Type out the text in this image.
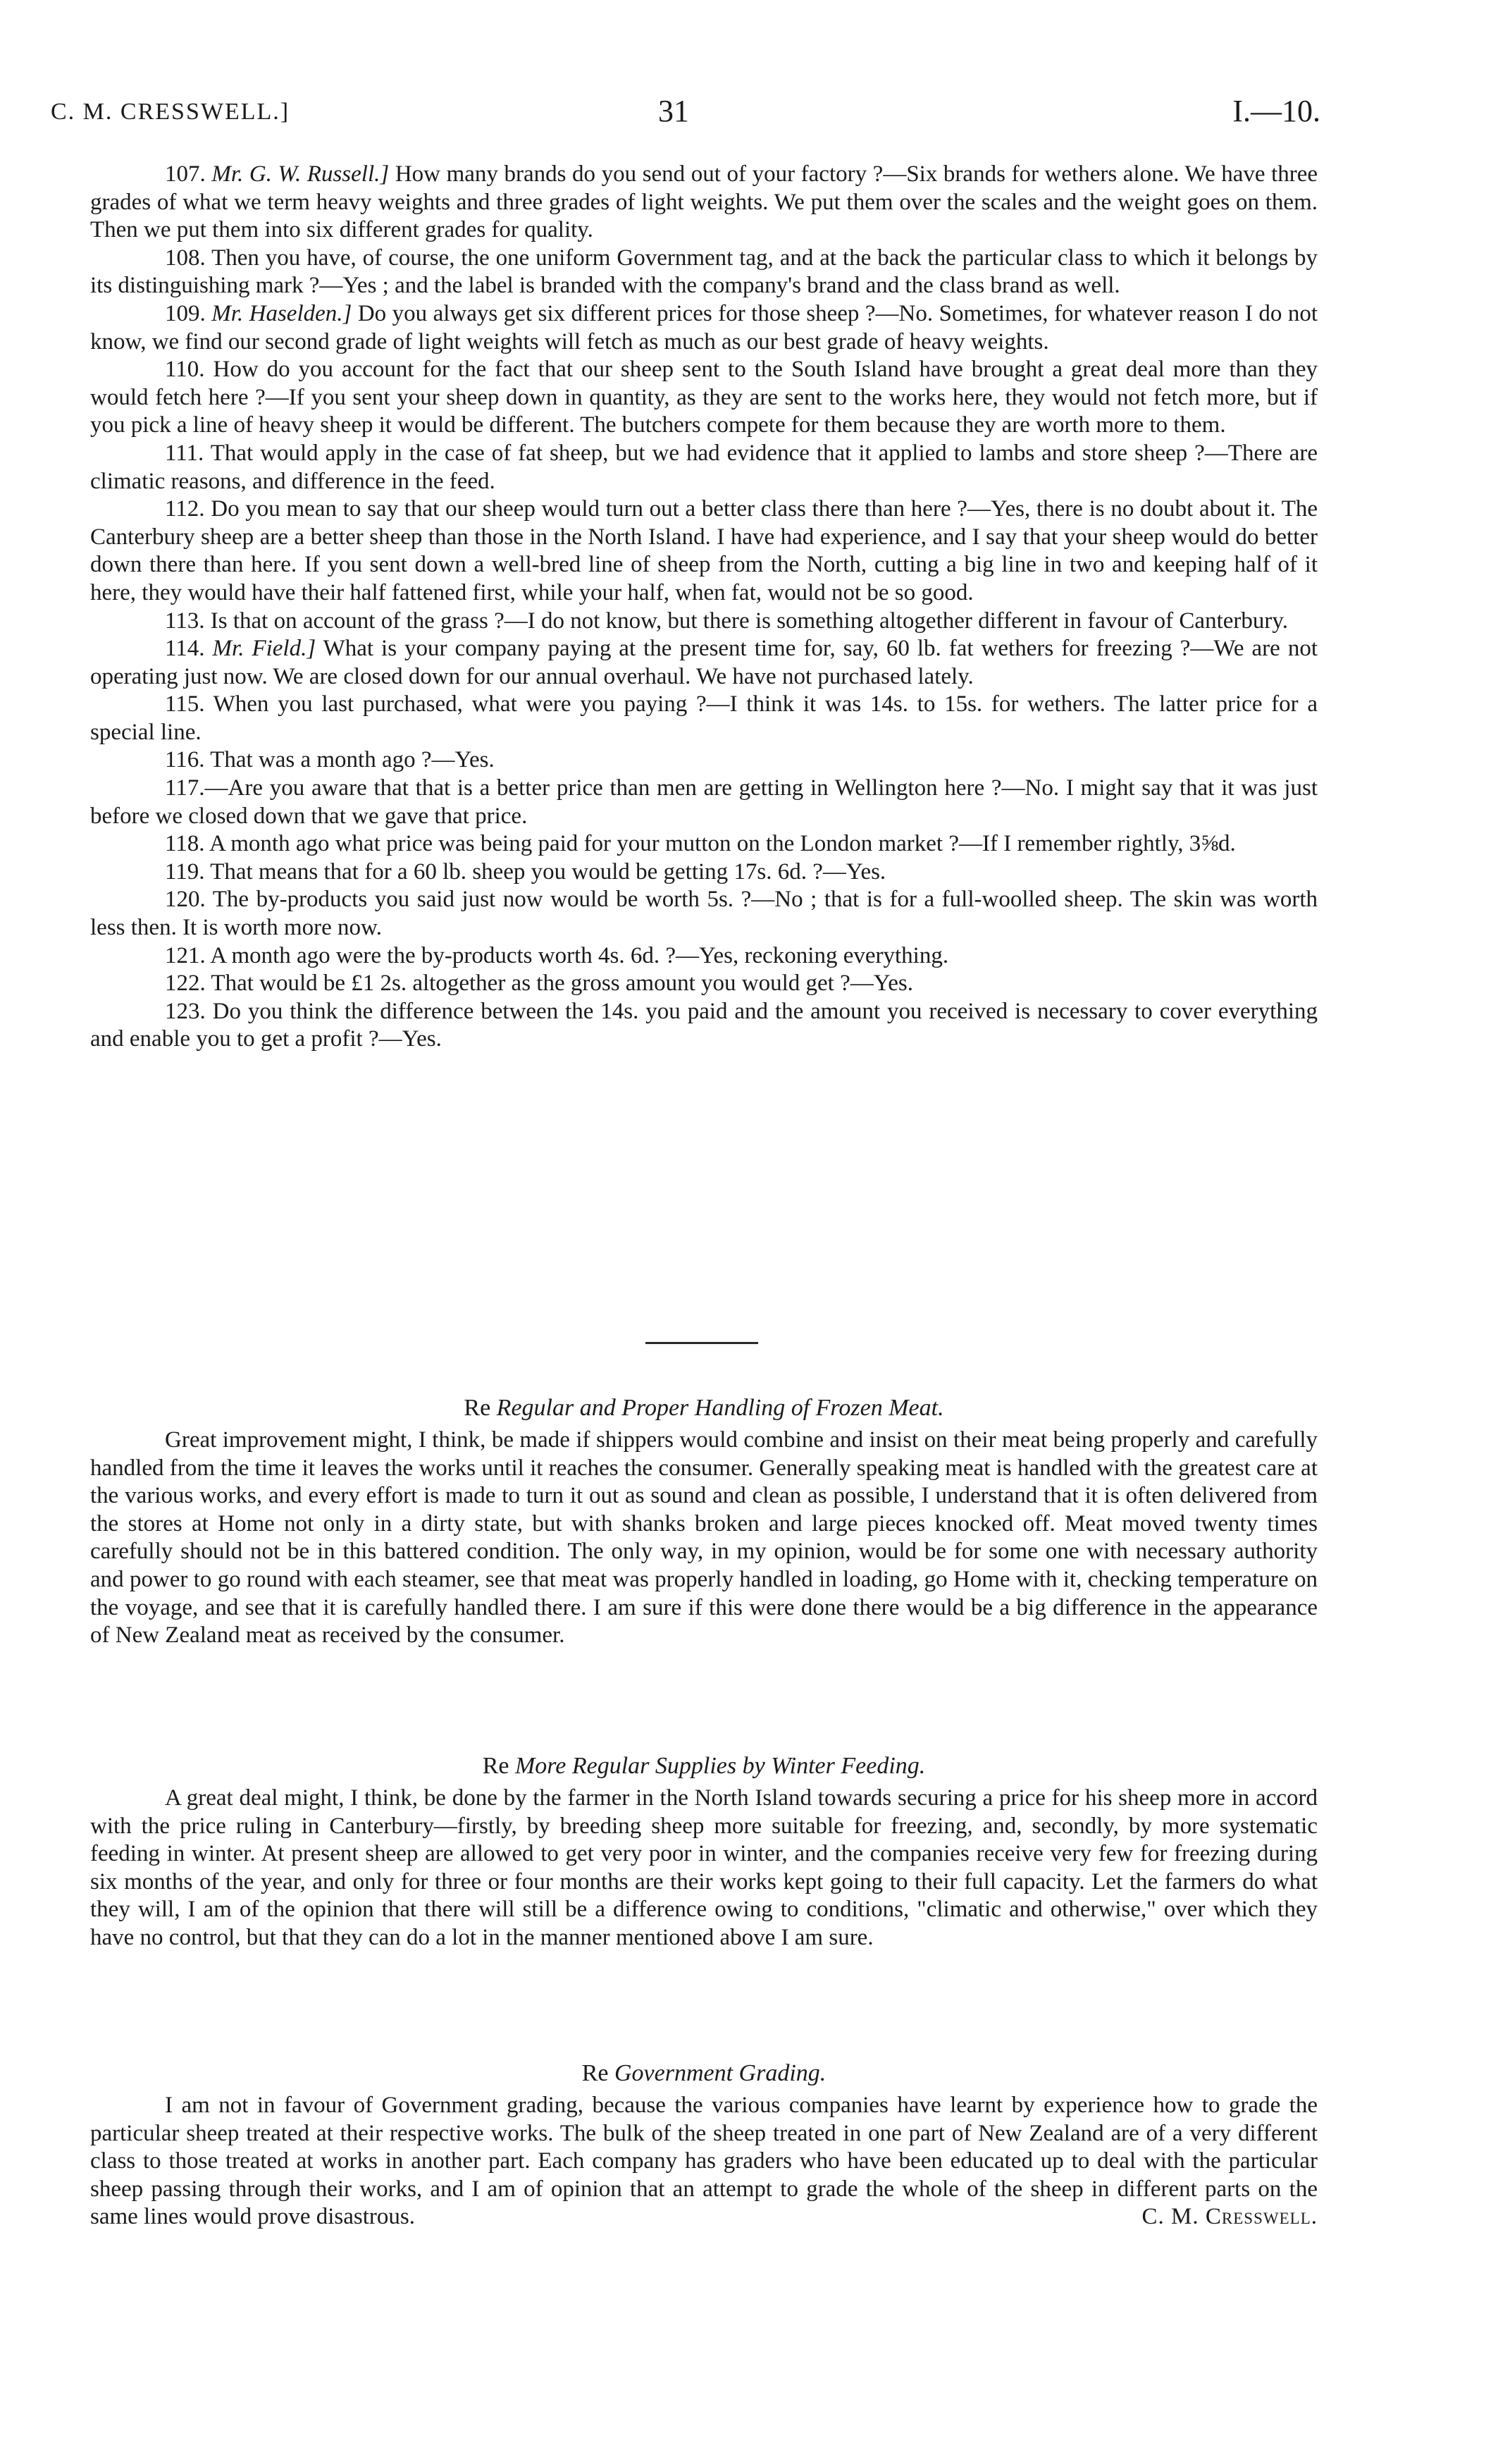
C. M. CRESSWELL.]	31	I.—10.

107. Mr. G. W. Russell.] How many brands do you send out of your factory ?—Six brands for wethers alone. We have three grades of what we term heavy weights and three grades of light weights. We put them over the scales and the weight goes on them. Then we put them into six different grades for quality.

108. Then you have, of course, the one uniform Government tag, and at the back the particular class to which it belongs by its distinguishing mark ?—Yes ; and the label is branded with the company's brand and the class brand as well.

109. Mr. Haselden.] Do you always get six different prices for those sheep ?—No. Sometimes, for whatever reason I do not know, we find our second grade of light weights will fetch as much as our best grade of heavy weights.

110. How do you account for the fact that our sheep sent to the South Island have brought a great deal more than they would fetch here ?—If you sent your sheep down in quantity, as they are sent to the works here, they would not fetch more, but if you pick a line of heavy sheep it would be different. The butchers compete for them because they are worth more to them.

111. That would apply in the case of fat sheep, but we had evidence that it applied to lambs and store sheep ?—There are climatic reasons, and difference in the feed.

112. Do you mean to say that our sheep would turn out a better class there than here ?—Yes, there is no doubt about it. The Canterbury sheep are a better sheep than those in the North Island. I have had experience, and I say that your sheep would do better down there than here. If you sent down a well-bred line of sheep from the North, cutting a big line in two and keeping half of it here, they would have their half fattened first, while your half, when fat, would not be so good.

113. Is that on account of the grass ?—I do not know, but there is something altogether different in favour of Canterbury.

114. Mr. Field.] What is your company paying at the present time for, say, 60 lb. fat wethers for freezing ?—We are not operating just now. We are closed down for our annual overhaul. We have not purchased lately.

115. When you last purchased, what were you paying ?—I think it was 14s. to 15s. for wethers. The latter price for a special line.

116. That was a month ago ?—Yes.

117.—Are you aware that that is a better price than men are getting in Wellington here ?—No. I might say that it was just before we closed down that we gave that price.

118. A month ago what price was being paid for your mutton on the London market ?—If I remember rightly, 3⅝d.

119. That means that for a 60 lb. sheep you would be getting 17s. 6d. ?—Yes.

120. The by-products you said just now would be worth 5s. ?—No ; that is for a full-woolled sheep. The skin was worth less then. It is worth more now.

121. A month ago were the by-products worth 4s. 6d. ?—Yes, reckoning everything.

122. That would be £1 2s. altogether as the gross amount you would get ?—Yes.

123. Do you think the difference between the 14s. you paid and the amount you received is necessary to cover everything and enable you to get a profit ?—Yes.

Re Regular and Proper Handling of Frozen Meat.

Great improvement might, I think, be made if shippers would combine and insist on their meat being properly and carefully handled from the time it leaves the works until it reaches the consumer. Generally speaking meat is handled with the greatest care at the various works, and every effort is made to turn it out as sound and clean as possible, I understand that it is often delivered from the stores at Home not only in a dirty state, but with shanks broken and large pieces knocked off. Meat moved twenty times carefully should not be in this battered condition. The only way, in my opinion, would be for some one with necessary authority and power to go round with each steamer, see that meat was properly handled in loading, go Home with it, checking temperature on the voyage, and see that it is carefully handled there. I am sure if this were done there would be a big difference in the appearance of New Zealand meat as received by the consumer.

Re More Regular Supplies by Winter Feeding.

A great deal might, I think, be done by the farmer in the North Island towards securing a price for his sheep more in accord with the price ruling in Canterbury—firstly, by breeding sheep more suitable for freezing, and, secondly, by more systematic feeding in winter. At present sheep are allowed to get very poor in winter, and the companies receive very few for freezing during six months of the year, and only for three or four months are their works kept going to their full capacity. Let the farmers do what they will, I am of the opinion that there will still be a difference owing to conditions, "climatic and otherwise," over which they have no control, but that they can do a lot in the manner mentioned above I am sure.

Re Government Grading.

I am not in favour of Government grading, because the various companies have learnt by experience how to grade the particular sheep treated at their respective works. The bulk of the sheep treated in one part of New Zealand are of a very different class to those treated at works in another part. Each company has graders who have been educated up to deal with the particular sheep passing through their works, and I am of opinion that an attempt to grade the whole of the sheep in different parts on the same lines would prove disastrous.	C. M. Cresswell.
